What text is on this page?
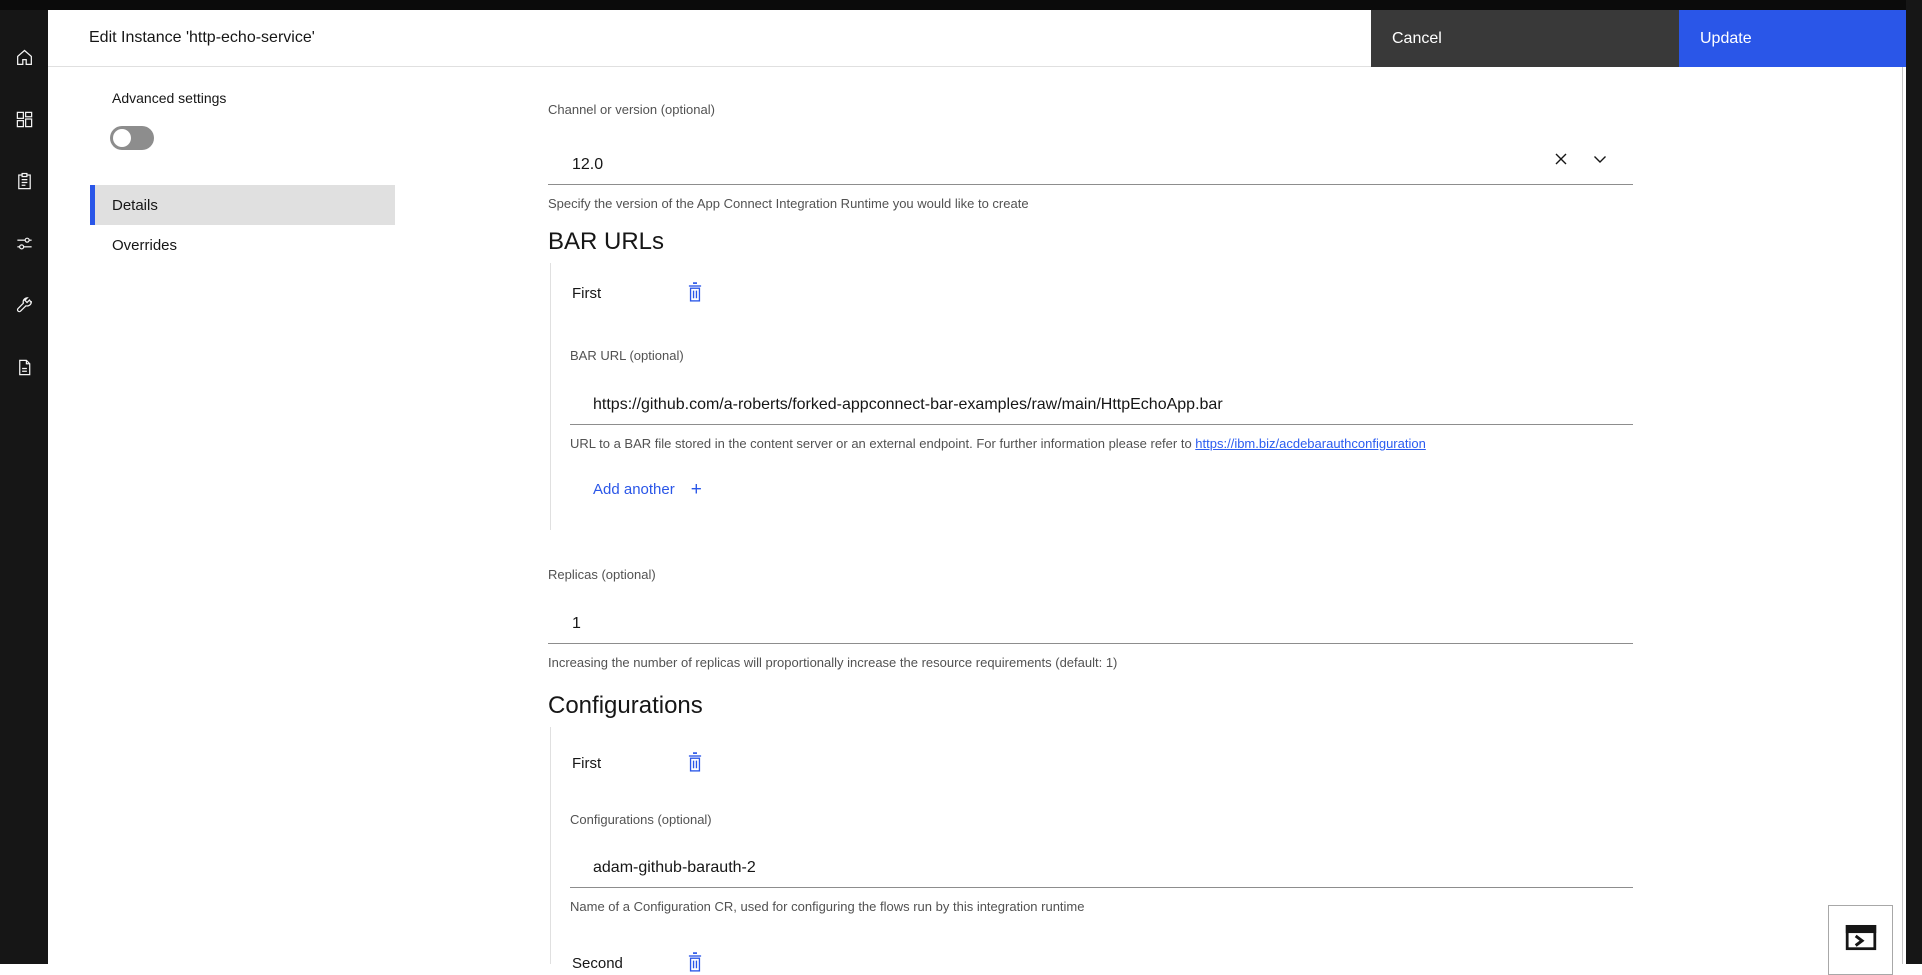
Edit Instance 'http-echo-service'	Cancel	Update
Advanced settings
Details
Overrides
Channel or version (optional)
12.0
Specify the version of the App Connect Integration Runtime you would like to create
BAR URLs
First
BAR URL (optional)
https://github.com/a-roberts/forked-appconnect-bar-examples/raw/main/HttpEchoApp.bar
URL to a BAR file stored in the content server or an external endpoint. For further information please refer to https://ibm.biz/acdebarauthconfiguration
Add another +
Replicas (optional)
1
Increasing the number of replicas will proportionally increase the resource requirements (default: 1)
Configurations
First
Configurations (optional)
adam-github-barauth-2
Name of a Configuration CR, used for configuring the flows run by this integration runtime
Second
